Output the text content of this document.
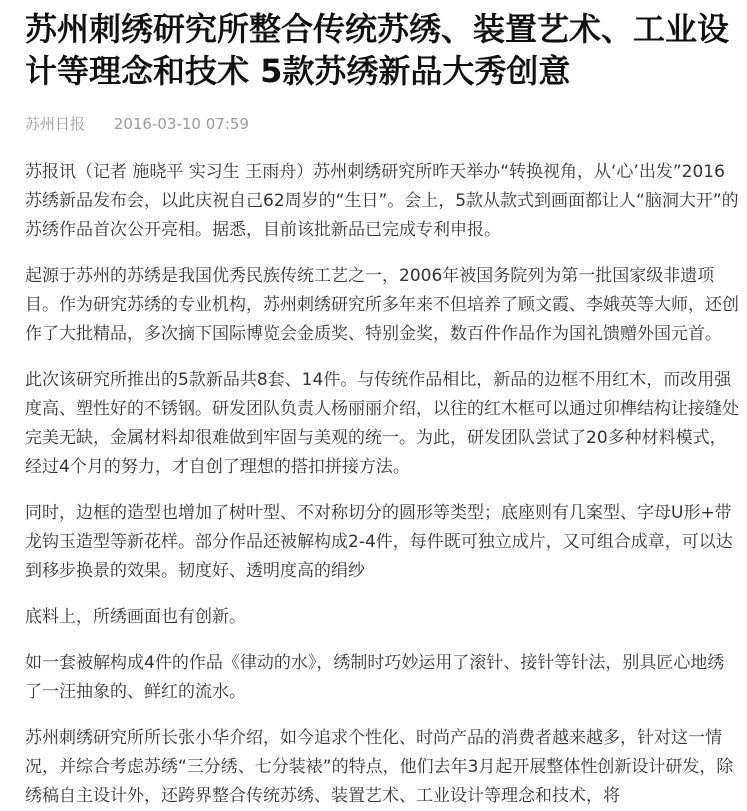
苏州刺绣研究所整合传统苏绣、装置艺术、工业设计等理念和技术 5款苏绣新品大秀创意
苏州日报 2016-03-10 07:59

苏报讯（记者 施晓平 实习生 王雨舟）苏州刺绣研究所昨天举办“转换视角，从‘心’出发”2016苏绣新品发布会，以此庆祝自己62周岁的“生日”。会上，5款从款式到画面都让人“脑洞大开”的苏绣作品首次公开亮相。据悉，目前该批新品已完成专利申报。

起源于苏州的苏绣是我国优秀民族传统工艺之一，2006年被国务院列为第一批国家级非遗项目。作为研究苏绣的专业机构，苏州刺绣研究所多年来不但培养了顾文霞、李娥英等大师，还创作了大批精品，多次摘下国际博览会金质奖、特别金奖，数百件作品作为国礼馈赠外国元首。

此次该研究所推出的5款新品共8套、14件。与传统作品相比，新品的边框不用红木，而改用强度高、塑性好的不锈钢。研发团队负责人杨丽丽介绍，以往的红木框可以通过卯榫结构让接缝处完美无缺，金属材料却很难做到牢固与美观的统一。为此，研发团队尝试了20多种材料模式，经过4个月的努力，才自创了理想的搭扣拼接方法。

同时，边框的造型也增加了树叶型、不对称切分的圆形等类型；底座则有几案型、字母U形+带龙钩玉造型等新花样。部分作品还被解构成2-4件，每件既可独立成片，又可组合成章，可以达到移步换景的效果。韧度好、透明度高的绢纱

底料上，所绣画面也有创新。

如一套被解构成4件的作品《律动的水》，绣制时巧妙运用了滚针、接针等针法，别具匠心地绣了一汪抽象的、鲜红的流水。

苏州刺绣研究所所长张小华介绍，如今追求个性化、时尚产品的消费者越来越多，针对这一情况，并综合考虑苏绣“三分绣、七分装裱”的特点，他们去年3月起开展整体性创新设计研发，除绣稿自主设计外，还跨界整合传统苏绣、装置艺术、工业设计等理念和技术，将
